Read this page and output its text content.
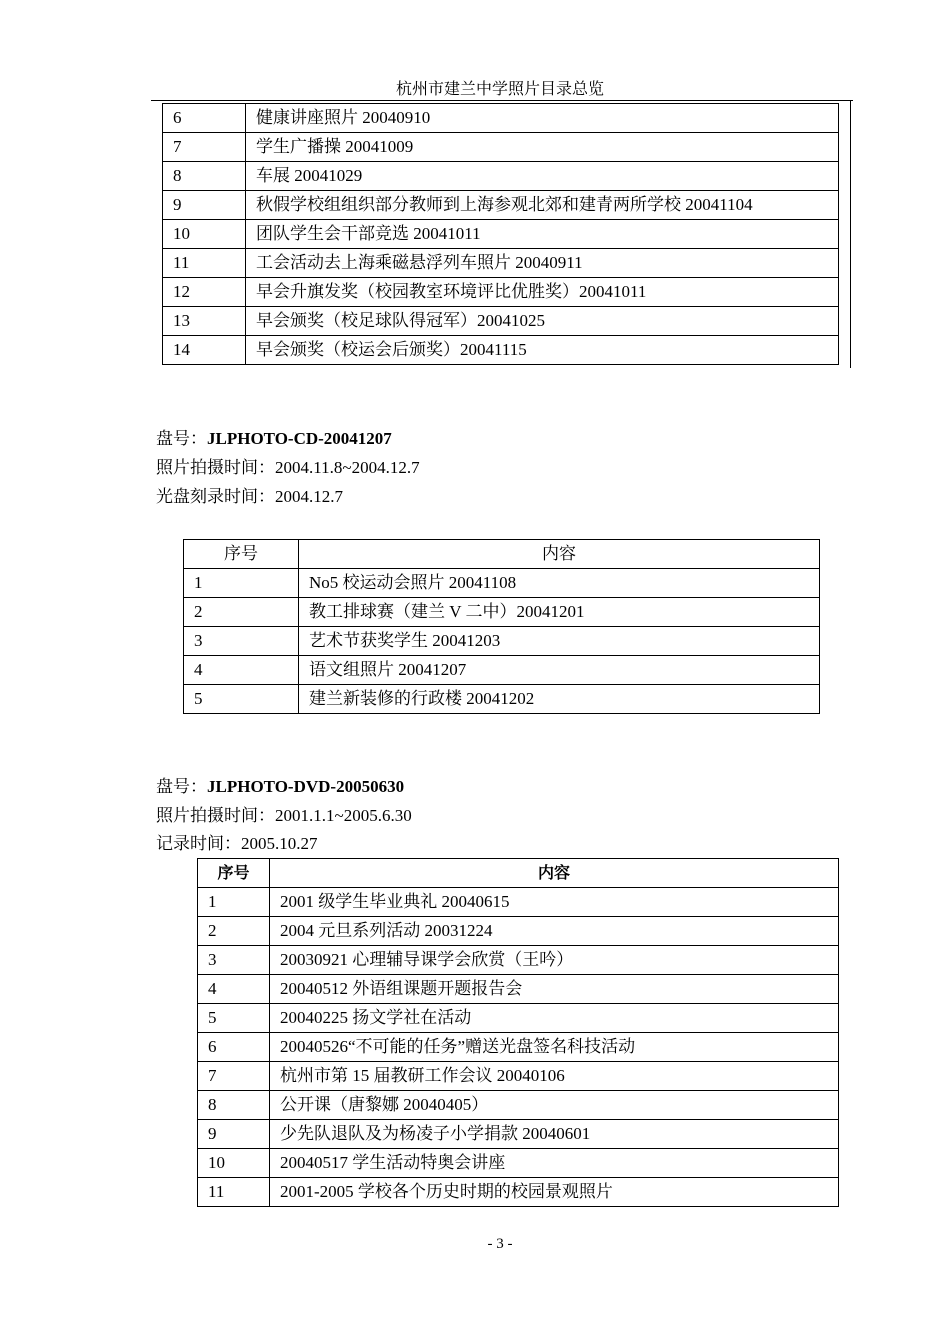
杭州市建兰中学照片目录总览
6	健康讲座照片 20040910
7	学生广播操 20041009
8	车展 20041029
9	秋假学校组组织部分教师到上海参观北郊和建青两所学校 20041104
10	团队学生会干部竞选 20041011
11	工会活动去上海乘磁悬浮列车照片 20040911
12	早会升旗发奖（校园教室环境评比优胜奖）20041011
13	早会颁奖（校足球队得冠军）20041025
14	早会颁奖（校运会后颁奖）20041115
盘号：JLPHOTO-CD-20041207
照片拍摄时间：2004.11.8~2004.12.7
光盘刻录时间：2004.12.7
序号	内容
1	No5 校运动会照片 20041108
2	教工排球赛（建兰 V 二中）20041201
3	艺术节获奖学生 20041203
4	语文组照片 20041207
5	建兰新装修的行政楼 20041202
盘号：JLPHOTO-DVD-20050630
照片拍摄时间：2001.1.1~2005.6.30
记录时间：2005.10.27
序号	内容
1	2001 级学生毕业典礼 20040615
2	2004 元旦系列活动 20031224
3	20030921 心理辅导课学会欣赏（王吟）
4	20040512 外语组课题开题报告会
5	20040225 扬文学社在活动
6	20040526“不可能的任务”赠送光盘签名科技活动
7	杭州市第 15 届教研工作会议 20040106
8	公开课（唐黎娜 20040405）
9	少先队退队及为杨凌子小学捐款 20040601
10	20040517 学生活动特奥会讲座
11	2001-2005 学校各个历史时期的校园景观照片
- 3 -
